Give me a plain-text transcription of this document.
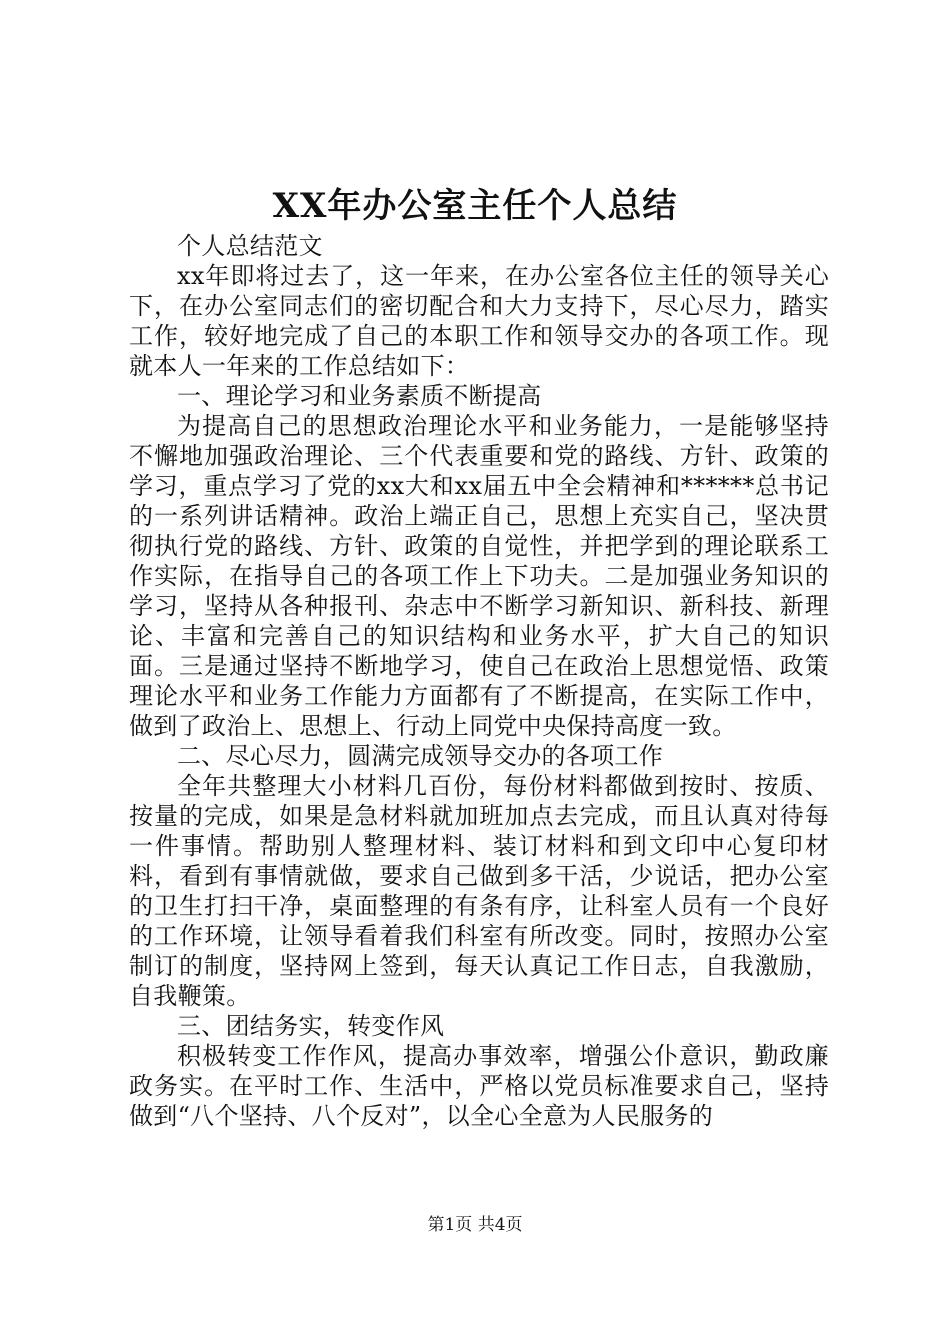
XX年办公室主任个人总结

个人总结范文

xx年即将过去了，这一年来，在办公室各位主任的领导关心下，在办公室同志们的密切配合和大力支持下，尽心尽力，踏实工作，较好地完成了自己的本职工作和领导交办的各项工作。现就本人一年来的工作总结如下：

一、理论学习和业务素质不断提高

为提高自己的思想政治理论水平和业务能力，一是能够坚持不懈地加强政治理论、三个代表重要和党的路线、方针、政策的学习，重点学习了党的xx大和xx届五中全会精神和******总书记的一系列讲话精神。政治上端正自己，思想上充实自己，坚决贯彻执行党的路线、方针、政策的自觉性，并把学到的理论联系工作实际，在指导自己的各项工作上下功夫。二是加强业务知识的学习，坚持从各种报刊、杂志中不断学习新知识、新科技、新理论、丰富和完善自己的知识结构和业务水平，扩大自己的知识面。三是通过坚持不断地学习，使自己在政治上思想觉悟、政策理论水平和业务工作能力方面都有了不断提高，在实际工作中，做到了政治上、思想上、行动上同党中央保持高度一致。

二、尽心尽力，圆满完成领导交办的各项工作

全年共整理大小材料几百份，每份材料都做到按时、按质、按量的完成，如果是急材料就加班加点去完成，而且认真对待每一件事情。帮助别人整理材料、装订材料和到文印中心复印材料，看到有事情就做，要求自己做到多干活，少说话，把办公室的卫生打扫干净，桌面整理的有条有序，让科室人员有一个良好的工作环境，让领导看着我们科室有所改变。同时，按照办公室制订的制度，坚持网上签到，每天认真记工作日志，自我激励，自我鞭策。

三、团结务实，转变作风

积极转变工作作风，提高办事效率，增强公仆意识，勤政廉政务实。在平时工作、生活中，严格以党员标准要求自己，坚持做到“八个坚持、八个反对”，以全心全意为人民服务的

第1页 共4页
